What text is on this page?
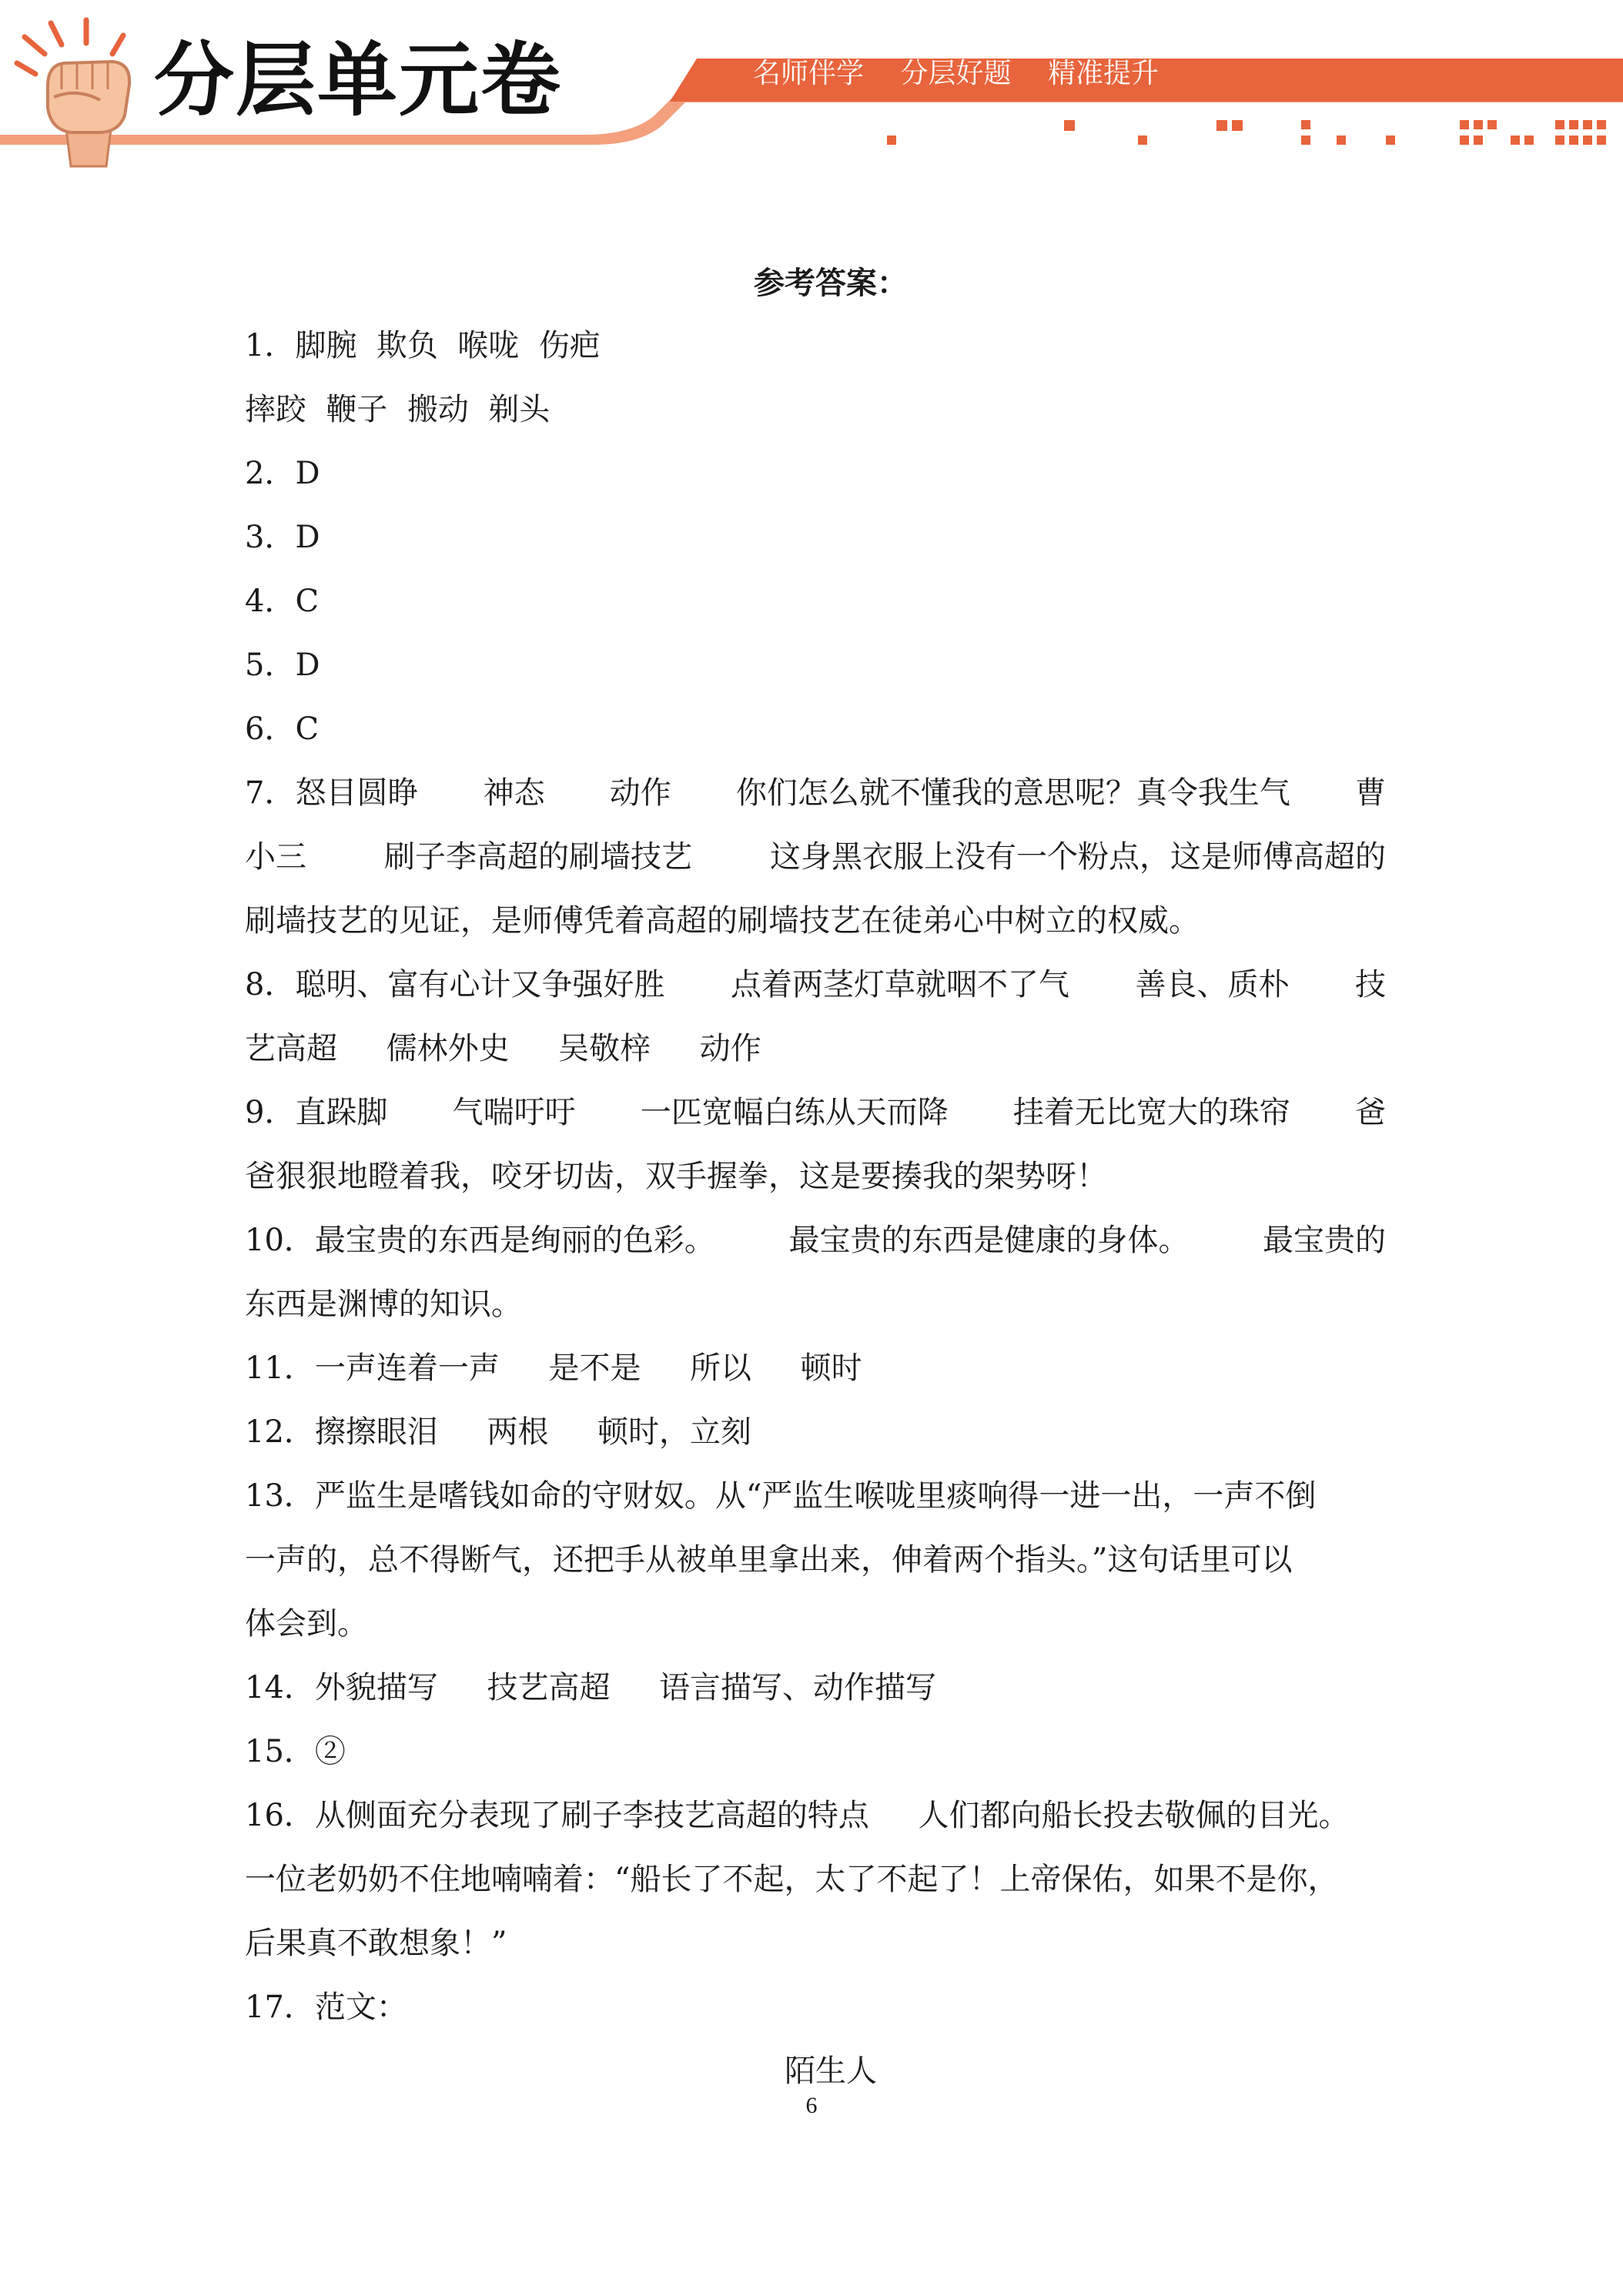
分层单元卷	名师伴学 分层好题 精准提升
参考答案：
1．脚腕  欺负  喉咙  伤疤
摔跤  鞭子  搬动  剃头
2．D
3．D
4．C
5．D
6．C
7．怒目圆睁 神态 动作 你们怎么就不懂我的意思呢？真令我生气 曹
小三	刷子李高超的刷墙技艺	这身黑衣服上没有一个粉点，这是师傅高超的
刷墙技艺的见证，是师傅凭着高超的刷墙技艺在徒弟心中树立的权威。
8．聪明、富有心计又争强好胜 点着两茎灯草就咽不了气 善良、质朴 技
艺高超     儒林外史     吴敬梓     动作
9．直跺脚 气喘吁吁 一匹宽幅白练从天而降 挂着无比宽大的珠帘 爸
爸狠狠地瞪着我，咬牙切齿，双手握拳，这是要揍我的架势呀！
10．最宝贵的东西是绚丽的色彩。 最宝贵的东西是健康的身体。 最宝贵的
东西是渊博的知识。
11．一声连着一声     是不是     所以     顿时
12．擦擦眼泪     两根     顿时，立刻
13．严监生是嗜钱如命的守财奴。从“严监生喉咙里痰响得一进一出，一声不倒
一声的，总不得断气，还把手从被单里拿出来，伸着两个指头。”这句话里可以
体会到。
14．外貌描写     技艺高超     语言描写、动作描写
15．②
16．从侧面充分表现了刷子李技艺高超的特点     人们都向船长投去敬佩的目光。
一位老奶奶不住地喃喃着：“船长了不起，太了不起了！上帝保佑，如果不是你，
后果真不敢想象！”
17．范文：
陌生人
6
